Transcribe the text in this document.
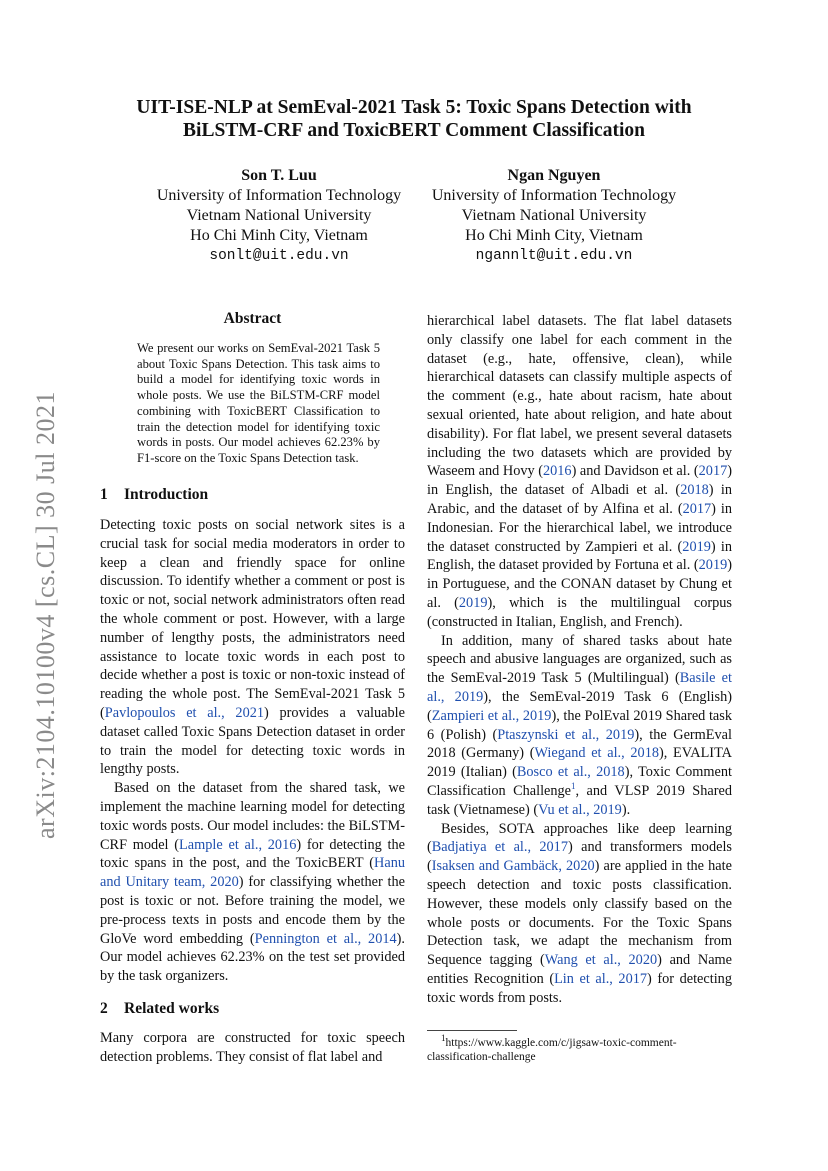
UIT-ISE-NLP at SemEval-2021 Task 5: Toxic Spans Detection with
BiLSTM-CRF and ToxicBERT Comment Classification
Son T. Luu
University of Information Technology
Vietnam National University
Ho Chi Minh City, Vietnam
sonlt@uit.edu.vn
Ngan Nguyen
University of Information Technology
Vietnam National University
Ho Chi Minh City, Vietnam
ngannlt@uit.edu.vn
arXiv:2104.10100v4 [cs.CL] 30 Jul 2021
Abstract
We present our works on SemEval-2021 Task 5 about Toxic Spans Detection. This task aims to build a model for identifying toxic words in whole posts. We use the BiLSTM-CRF model combining with ToxicBERT Classification to train the detection model for identifying toxic words in posts. Our model achieves 62.23% by F1-score on the Toxic Spans Detection task.
1 Introduction

Detecting toxic posts on social network sites is a crucial task for social media moderators in order to keep a clean and friendly space for online discussion. To identify whether a comment or post is toxic or not, social network administrators often read the whole comment or post. However, with a large number of lengthy posts, the administrators need assistance to locate toxic words in each post to decide whether a post is toxic or non-toxic instead of reading the whole post. The SemEval-2021 Task 5 (Pavlopoulos et al., 2021) provides a valuable dataset called Toxic Spans Detection dataset in order to train the model for detecting toxic words in lengthy posts.

Based on the dataset from the shared task, we implement the machine learning model for detecting toxic words posts. Our model includes: the BiLSTM-CRF model (Lample et al., 2016) for detecting the toxic spans in the post, and the ToxicBERT (Hanu and Unitary team, 2020) for classifying whether the post is toxic or not. Before training the model, we pre-process texts in posts and encode them by the GloVe word embedding (Pennington et al., 2014). Our model achieves 62.23% on the test set provided by the task organizers.

2 Related works

Many corpora are constructed for toxic speech detection problems. They consist of flat label and

hierarchical label datasets. The flat label datasets only classify one label for each comment in the dataset (e.g., hate, offensive, clean), while hierarchical datasets can classify multiple aspects of the comment (e.g., hate about racism, hate about sexual oriented, hate about religion, and hate about disability). For flat label, we present several datasets including the two datasets which are provided by Waseem and Hovy (2016) and Davidson et al. (2017) in English, the dataset of Albadi et al. (2018) in Arabic, and the dataset of by Alfina et al. (2017) in Indonesian. For the hierarchical label, we introduce the dataset constructed by Zampieri et al. (2019) in English, the dataset provided by Fortuna et al. (2019) in Portuguese, and the CONAN dataset by Chung et al. (2019), which is the multilingual corpus (constructed in Italian, English, and French).

In addition, many of shared tasks about hate speech and abusive languages are organized, such as the SemEval-2019 Task 5 (Multilingual) (Basile et al., 2019), the SemEval-2019 Task 6 (English) (Zampieri et al., 2019), the PolEval 2019 Shared task 6 (Polish) (Ptaszynski et al., 2019), the GermEval 2018 (Germany) (Wiegand et al., 2018), EVALITA 2019 (Italian) (Bosco et al., 2018), Toxic Comment Classification Challenge$^1$, and VLSP 2019 Shared task (Vietnamese) (Vu et al., 2019).

Besides, SOTA approaches like deep learning (Badjatiya et al., 2017) and transformers models (Isaksen and Gambäck, 2020) are applied in the hate speech detection and toxic posts classification. However, these models only classify based on the whole posts or documents. For the Toxic Spans Detection task, we adapt the mechanism from Sequence tagging (Wang et al., 2020) and Name entities Recognition (Lin et al., 2017) for detecting toxic words from posts.

$^1$https://www.kaggle.com/c/jigsaw-toxic-comment-classification-challenge
